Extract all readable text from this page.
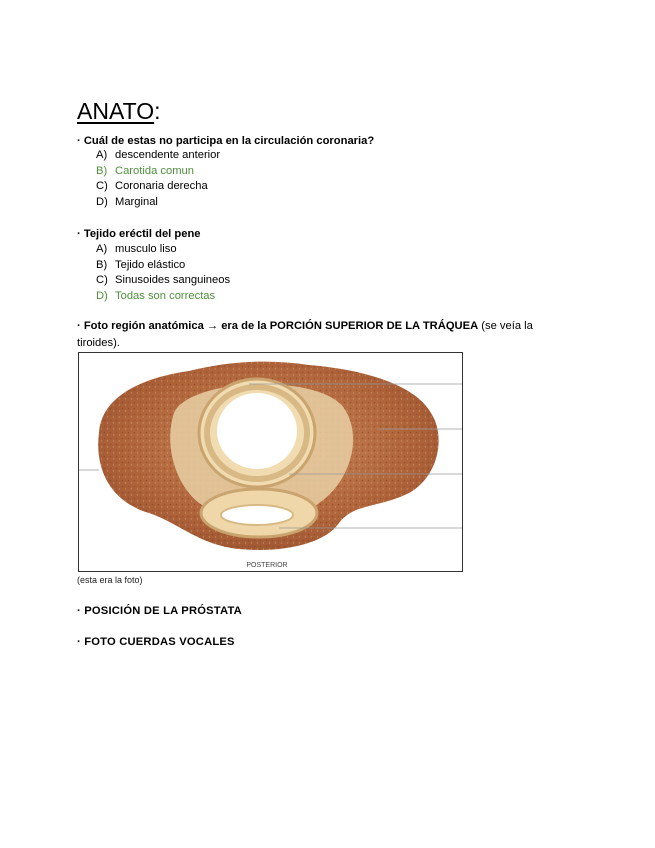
ANATO:
· Cuál de estas no participa en la circulación coronaria?
A) descendente anterior
B) Carotida comun
C) Coronaria derecha
D) Marginal
· Tejido eréctil del pene
A) musculo liso
B) Tejido elástico
C) Sinusoides sanguineos
D) Todas son correctas
· Foto región anatómica → era de la PORCIÓN SUPERIOR DE LA TRÁQUEA (se veía la tiroides).
POSTERIOR
(esta era la foto)
· POSICIÓN DE LA PRÓSTATA
· FOTO CUERDAS VOCALES
